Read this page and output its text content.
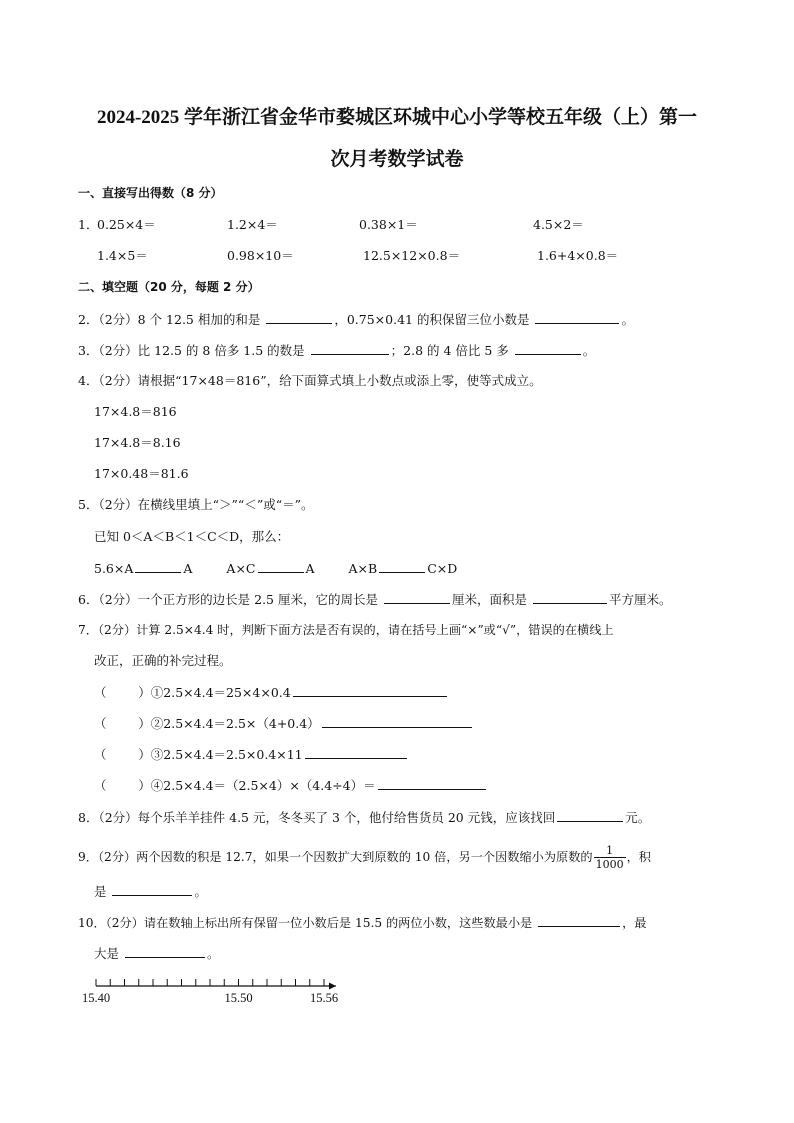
2024-2025 学年浙江省金华市婺城区环城中心小学等校五年级（上）第一
次月考数学试卷
一、直接写出得数（8 分）
1．
0.25×4＝	1.2×4＝	0.38×1＝	4.5×2＝
1.4×5＝	0.98×10＝	12.5×12×0.8＝	1.6+4×0.8＝
二、填空题（20 分，每题 2 分）
2．（2分）8 个 12.5 相加的和是	，0.75×0.41 的积保留三位小数是	。
3．（2分）比 12.5 的 8 倍多 1.5 的数是	；2.8 的 4 倍比 5 多	。
4．（2分）请根据“17×48＝816”，给下面算式填上小数点或添上零，使等式成立。
17×4.8＝816
17×4.8＝8.16
17×0.48＝81.6
5．（2分）在横线里填上“＞”“＜”或“＝”。
已知 0＜A＜B＜1＜C＜D，那么：
5.6×A	A	A×C	A	A×B	C×D
6．（2分）一个正方形的边长是 2.5 厘米，它的周长是	厘米，面积是	平方厘米。
7．（2分）计算 2.5×4.4 时，判断下面方法是否有误的，请在括号上画“×”或“√”，错误的在横线上
改正，正确的补完过程。
（        ）①2.5×4.4＝25×4×0.4
（        ）②2.5×4.4＝2.5×（4+0.4）
（        ）③2.5×4.4＝2.5×0.4×11
（        ）④2.5×4.4＝（2.5×4）×（4.4÷4）＝
8．（2分）每个乐羊羊挂件 4.5 元，冬冬买了 3 个，他付给售货员 20 元钱，应该找回	元。
9．（2分）两个因数的积是 12.7，如果一个因数扩大到原数的 10 倍，另一个因数缩小为原数的 $\frac{1}{1000}$ ，积
是	。
10．（2分）请在数轴上标出所有保留一位小数后是 15.5 的两位小数，这些数最小是	，最
大是	。
15.40	15.50	15.56
